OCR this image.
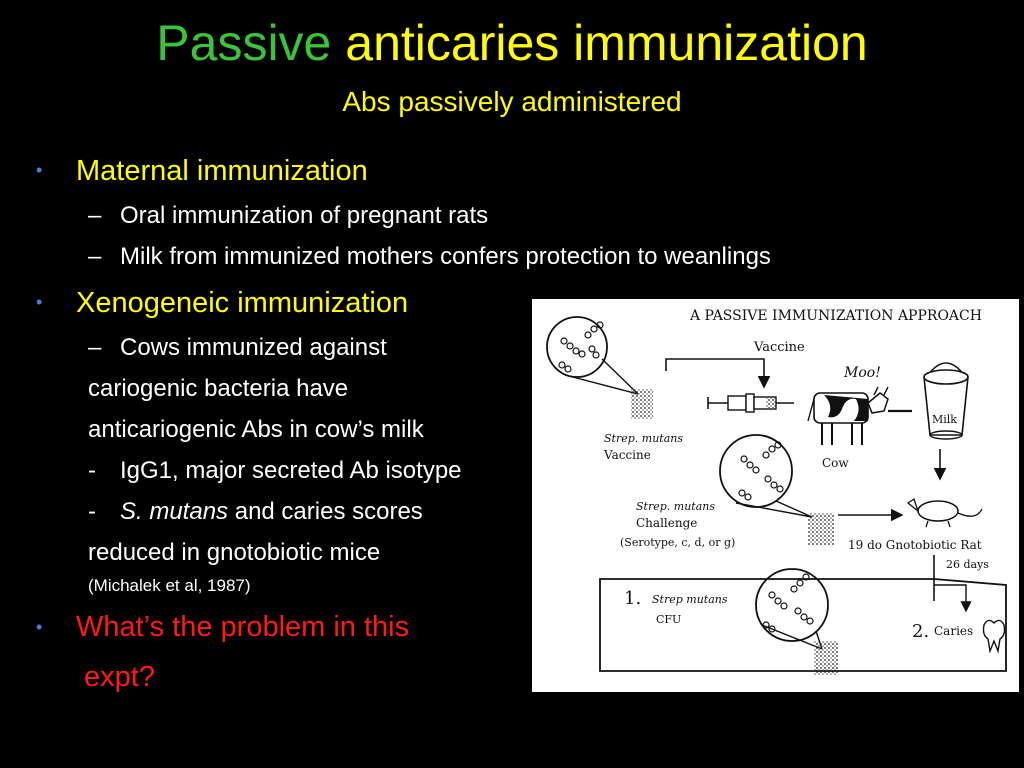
Passive anticaries immunization
Abs passively administered
• Maternal immunization
– Oral immunization of pregnant rats
– Milk from immunized mothers confers protection to weanlings
• Xenogeneic immunization
– Cows immunized against
cariogenic bacteria have
anticariogenic Abs in cow’s milk
- IgG1, major secreted Ab isotype
- S. mutans and caries scores
reduced in gnotobiotic mice
(Michalek et al, 1987)
• What’s the problem in this
expt?
A PASSIVE IMMUNIZATION APPROACH
Vaccine
Moo!
Cow
Milk
Strep. mutans
Vaccine
Strep. mutans
Challenge
(Serotype, c, d, or g)	19 do Gnotobiotic Rat
26 days
1. Strep mutans
CFU
2. Caries
